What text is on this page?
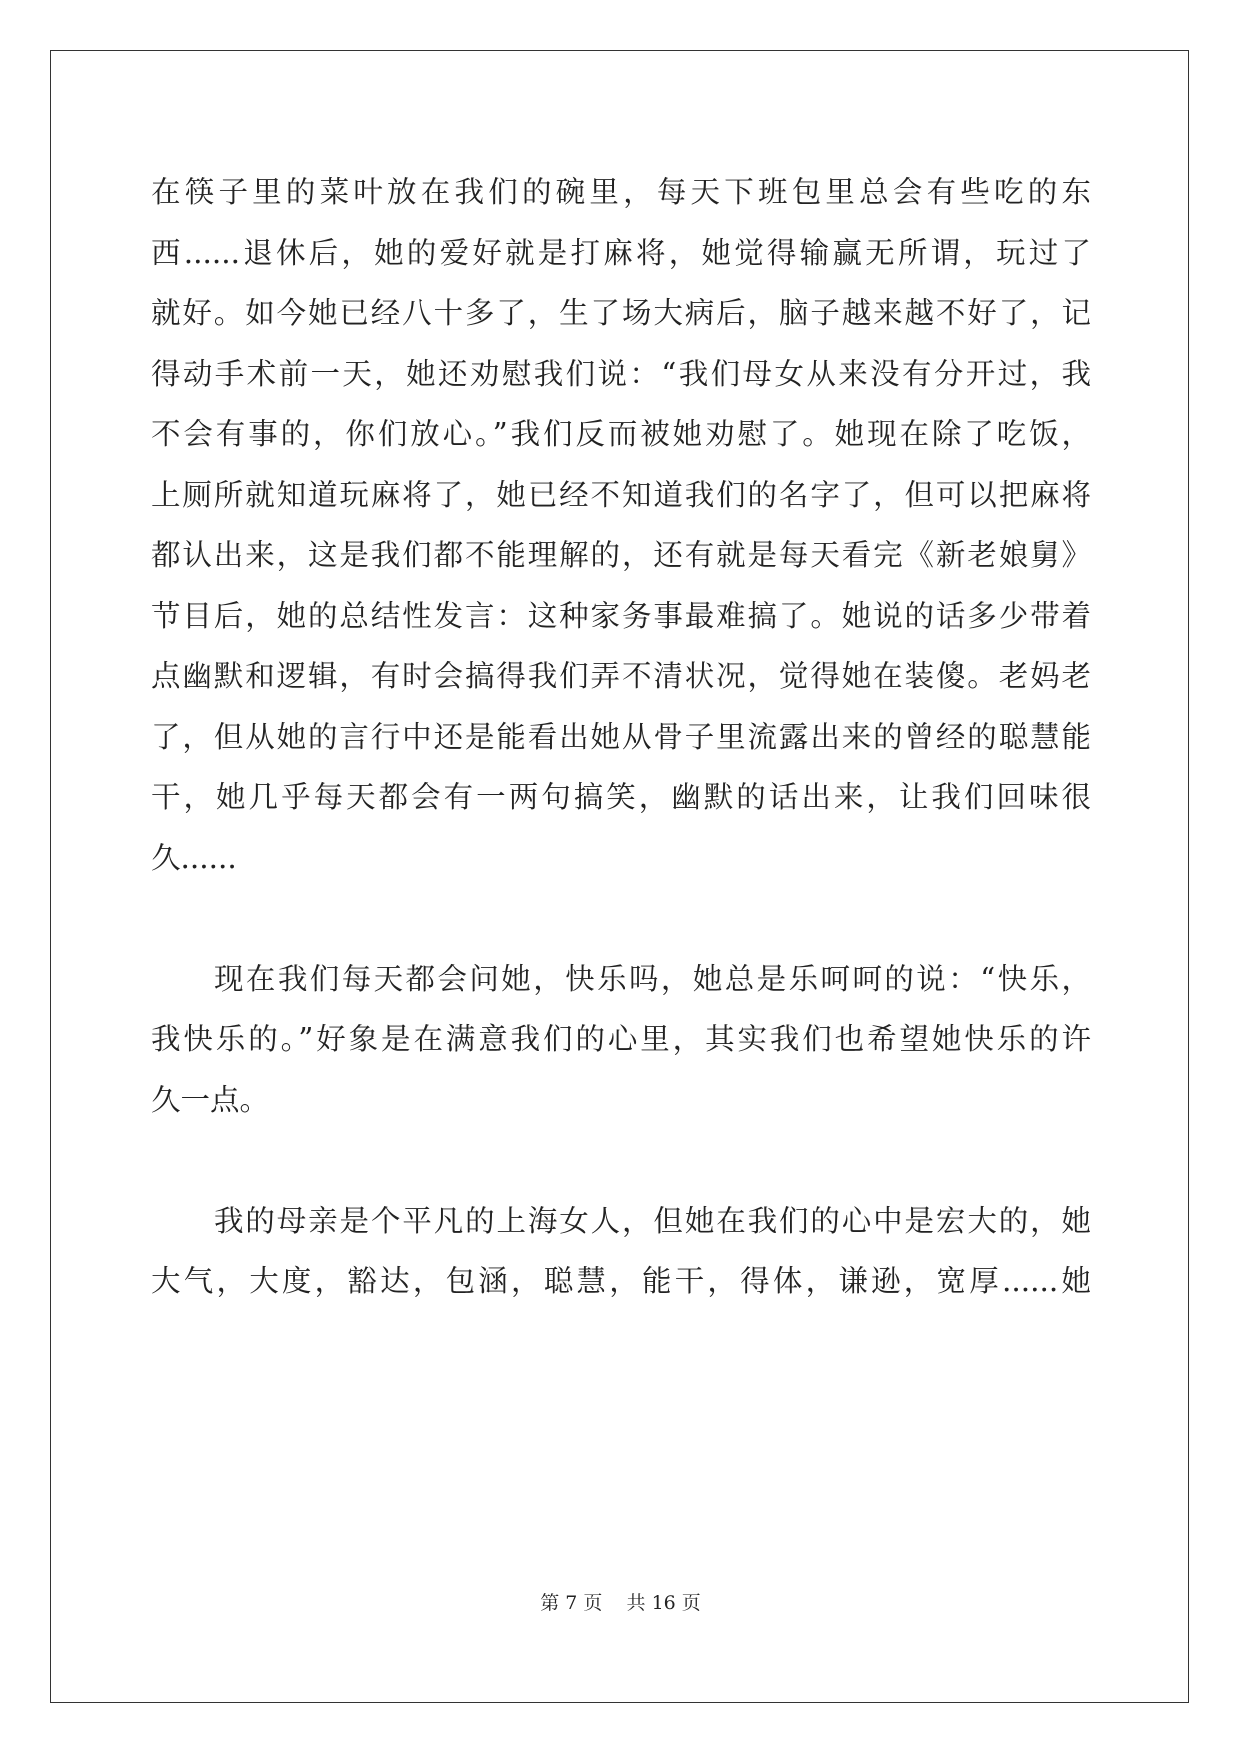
在筷子里的菜叶放在我们的碗里，每天下班包里总会有些吃的东
西......退休后，她的爱好就是打麻将，她觉得输赢无所谓，玩过了
就好。如今她已经八十多了，生了场大病后，脑子越来越不好了，记
得动手术前一天，她还劝慰我们说：“我们母女从来没有分开过，我
不会有事的，你们放心。”我们反而被她劝慰了。她现在除了吃饭，
上厕所就知道玩麻将了，她已经不知道我们的名字了，但可以把麻将
都认出来，这是我们都不能理解的，还有就是每天看完《新老娘舅》
节目后，她的总结性发言：这种家务事最难搞了。她说的话多少带着
点幽默和逻辑，有时会搞得我们弄不清状况，觉得她在装傻。老妈老
了，但从她的言行中还是能看出她从骨子里流露出来的曾经的聪慧能
干，她几乎每天都会有一两句搞笑，幽默的话出来，让我们回味很
久......
现在我们每天都会问她，快乐吗，她总是乐呵呵的说：“快乐，
我快乐的。”好象是在满意我们的心里，其实我们也希望她快乐的许
久一点。
我的母亲是个平凡的上海女人，但她在我们的心中是宏大的，她
大气，大度，豁达，包涵，聪慧，能干，得体，谦逊，宽厚......她
第 7 页 共 16 页
